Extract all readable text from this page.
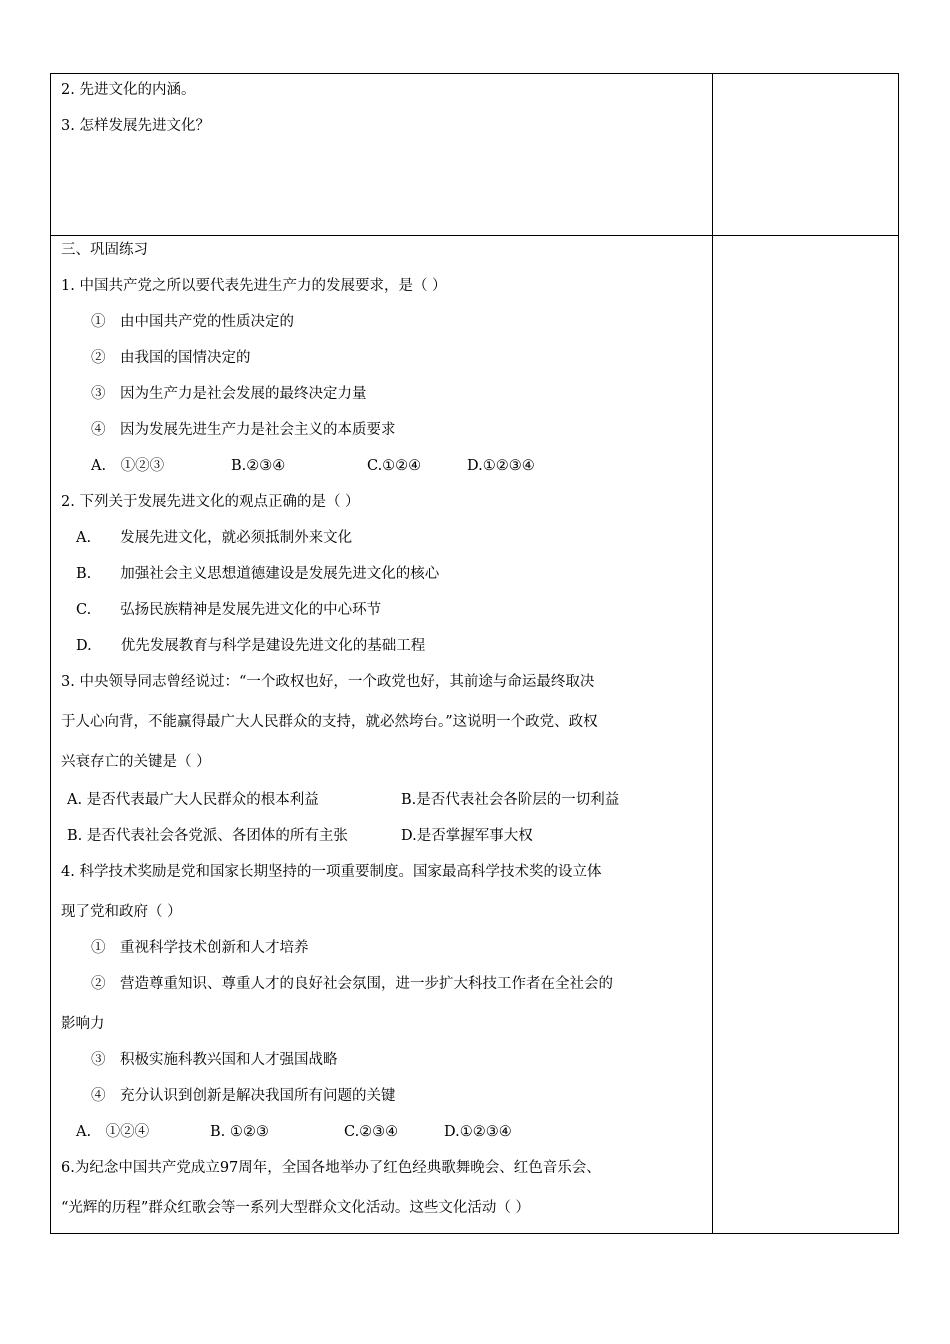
2. 先进文化的内涵。
3. 怎样发展先进文化？
三、巩固练习
1. 中国共产党之所以要代表先进生产力的发展要求，是（ ）
①　由中国共产党的性质决定的
②　由我国的国情决定的
③　因为生产力是社会发展的最终决定力量
④　因为发展先进生产力是社会主义的本质要求
A.　①②③	B.②③④	C.①②④	D.①②③④
2. 下列关于发展先进文化的观点正确的是（ ）
A.　　发展先进文化，就必须抵制外来文化
B.　　加强社会主义思想道德建设是发展先进文化的核心
C.　　弘扬民族精神是发展先进文化的中心环节
D.　　优先发展教育与科学是建设先进文化的基础工程
3. 中央领导同志曾经说过：“一个政权也好，一个政党也好，其前途与命运最终取决
于人心向背，不能赢得最广大人民群众的支持，就必然垮台。”这说明一个政党、政权
兴衰存亡的关键是（ ）
A. 是否代表最广大人民群众的根本利益	B.是否代表社会各阶层的一切利益
B. 是否代表社会各党派、各团体的所有主张	D.是否掌握军事大权
4. 科学技术奖励是党和国家长期坚持的一项重要制度。国家最高科学技术奖的设立体
现了党和政府（ ）
①　重视科学技术创新和人才培养
②　营造尊重知识、尊重人才的良好社会氛围，进一步扩大科技工作者在全社会的
影响力
③　积极实施科教兴国和人才强国战略
④　充分认识到创新是解决我国所有问题的关键
A.　①②④	B. ①②③	C.②③④	D.①②③④
6.为纪念中国共产党成立97周年，全国各地举办了红色经典歌舞晚会、红色音乐会、
“光辉的历程”群众红歌会等一系列大型群众文化活动。这些文化活动（ ）
